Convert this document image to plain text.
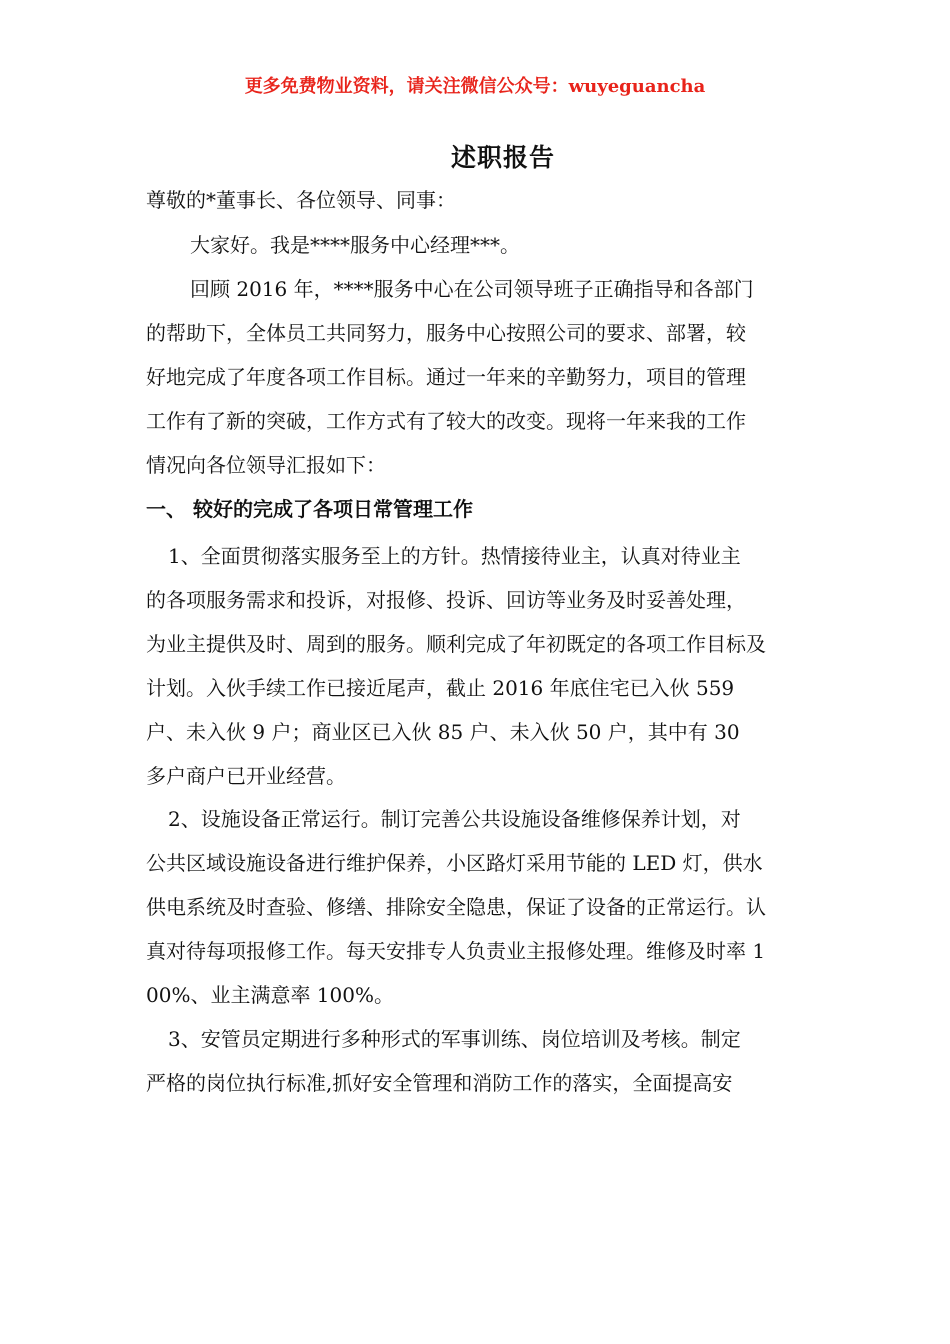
更多免费物业资料，请关注微信公众号：wuyeguancha
述职报告
尊敬的*董事长、各位领导、同事：
大家好。我是****服务中心经理***。
回顾 2016 年，****服务中心在公司领导班子正确指导和各部门
的帮助下，全体员工共同努力，服务中心按照公司的要求、部署，较
好地完成了年度各项工作目标。通过一年来的辛勤努力，项目的管理
工作有了新的突破，工作方式有了较大的改变。现将一年来我的工作
情况向各位领导汇报如下：
一、 较好的完成了各项日常管理工作
1、全面贯彻落实服务至上的方针。热情接待业主，认真对待业主
的各项服务需求和投诉，对报修、投诉、回访等业务及时妥善处理，
为业主提供及时、周到的服务。顺利完成了年初既定的各项工作目标及
计划。入伙手续工作已接近尾声，截止 2016 年底住宅已入伙 559
户、未入伙 9 户；商业区已入伙 85 户、未入伙 50 户，其中有 30
多户商户已开业经营。
2、设施设备正常运行。制订完善公共设施设备维修保养计划，对
公共区域设施设备进行维护保养，小区路灯采用节能的 LED 灯，供水
供电系统及时查验、修缮、排除安全隐患，保证了设备的正常运行。认
真对待每项报修工作。每天安排专人负责业主报修处理。维修及时率 1
00%、业主满意率 100%。
3、安管员定期进行多种形式的军事训练、岗位培训及考核。制定
严格的岗位执行标准,抓好安全管理和消防工作的落实，全面提高安
